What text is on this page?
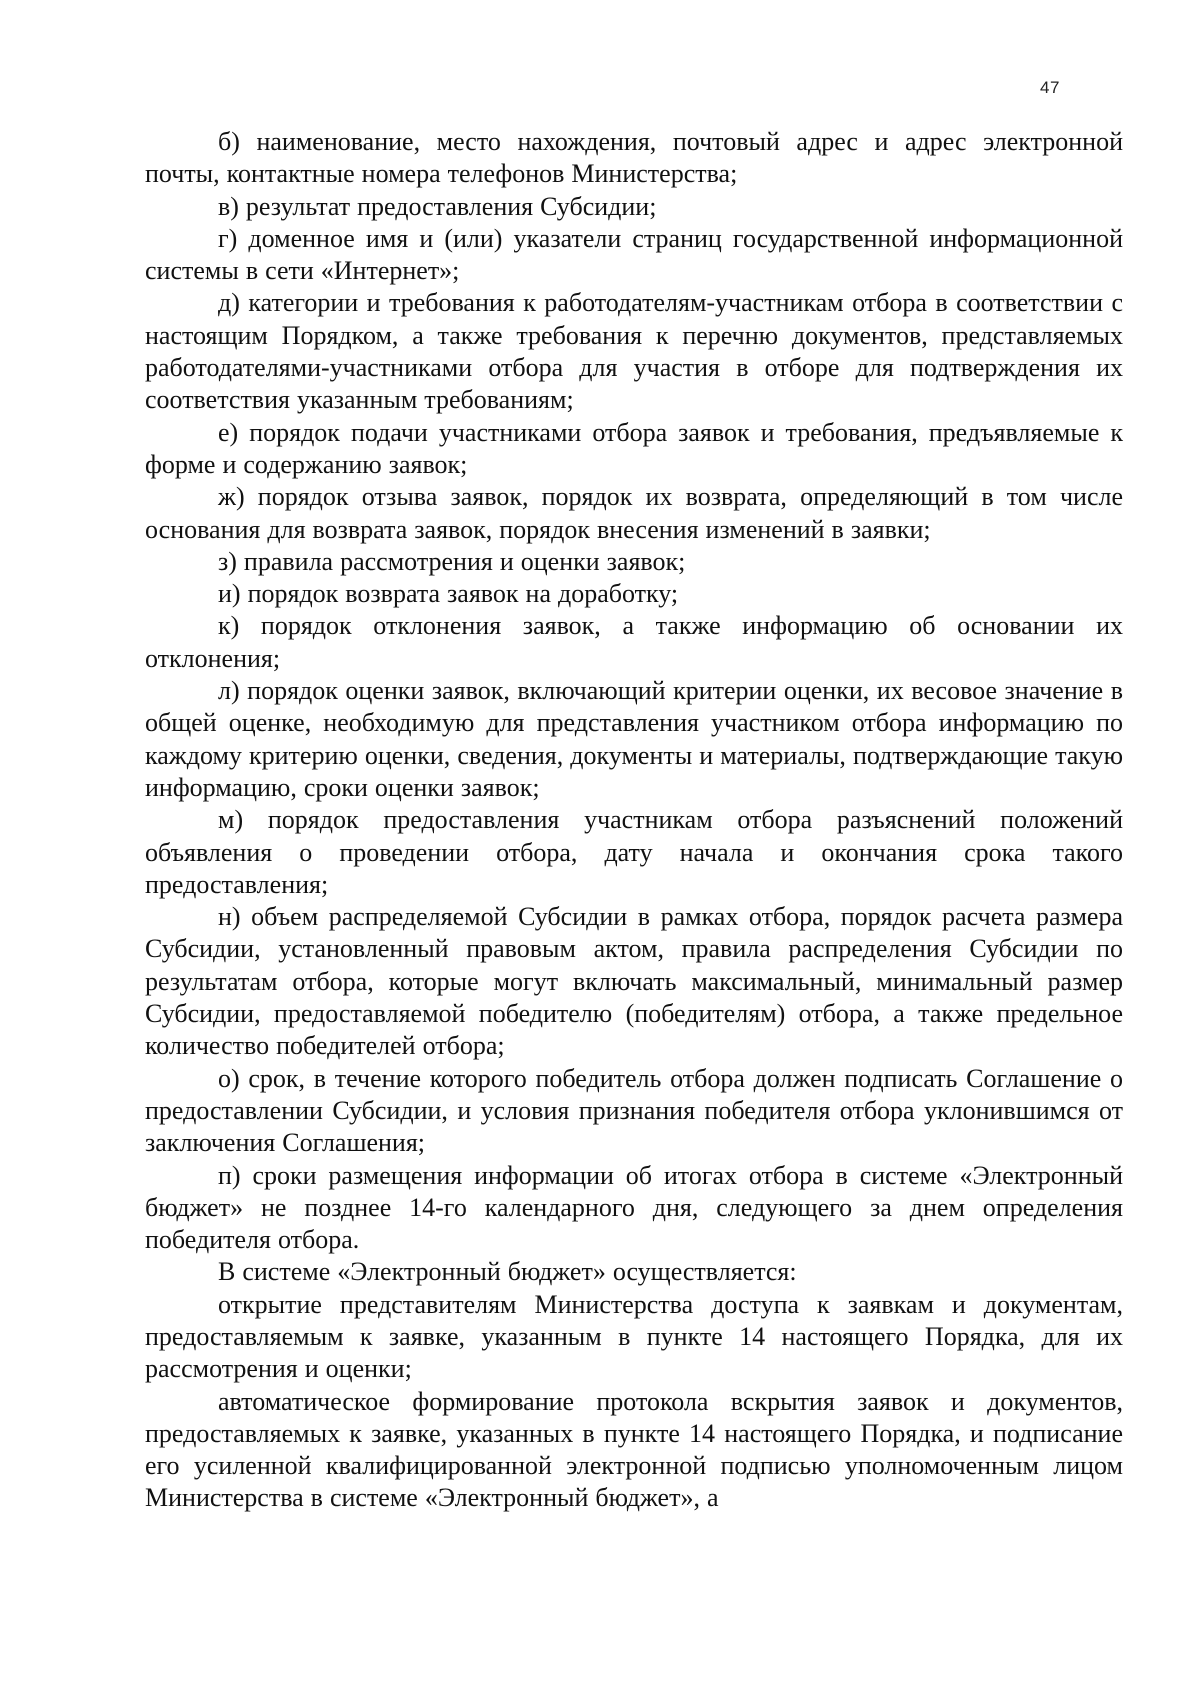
47

б) наименование, место нахождения, почтовый адрес и адрес электронной почты, контактные номера телефонов Министерства;

в) результат предоставления Субсидии;

г) доменное имя и (или) указатели страниц государственной информационной системы в сети «Интернет»;

д) категории и требования к работодателям-участникам отбора в соответствии с настоящим Порядком, а также требования к перечню документов, представляемых работодателями-участниками отбора для участия в отборе для подтверждения их соответствия указанным требованиям;

е) порядок подачи участниками отбора заявок и требования, предъявляемые к форме и содержанию заявок;

ж) порядок отзыва заявок, порядок их возврата, определяющий в том числе основания для возврата заявок, порядок внесения изменений в заявки;

з) правила рассмотрения и оценки заявок;

и) порядок возврата заявок на доработку;

к) порядок отклонения заявок, а также информацию об основании их отклонения;

л) порядок оценки заявок, включающий критерии оценки, их весовое значение в общей оценке, необходимую для представления участником отбора информацию по каждому критерию оценки, сведения, документы и материалы, подтверждающие такую информацию, сроки оценки заявок;

м) порядок предоставления участникам отбора разъяснений положений объявления о проведении отбора, дату начала и окончания срока такого предоставления;

н) объем распределяемой Субсидии в рамках отбора, порядок расчета размера Субсидии, установленный правовым актом, правила распределения Субсидии по результатам отбора, которые могут включать максимальный, минимальный размер Субсидии, предоставляемой победителю (победителям) отбора, а также предельное количество победителей отбора;

о) срок, в течение которого победитель отбора должен подписать Соглашение о предоставлении Субсидии, и условия признания победителя отбора уклонившимся от заключения Соглашения;

п) сроки размещения информации об итогах отбора в системе «Электронный бюджет» не позднее 14-го календарного дня, следующего за днем определения победителя отбора.

В системе «Электронный бюджет» осуществляется:

открытие представителям Министерства доступа к заявкам и документам, предоставляемым к заявке, указанным в пункте 14 настоящего Порядка, для их рассмотрения и оценки;

автоматическое формирование протокола вскрытия заявок и документов, предоставляемых к заявке, указанных в пункте 14 настоящего Порядка, и подписание его усиленной квалифицированной электронной подписью уполномоченным лицом Министерства в системе «Электронный бюджет», а
